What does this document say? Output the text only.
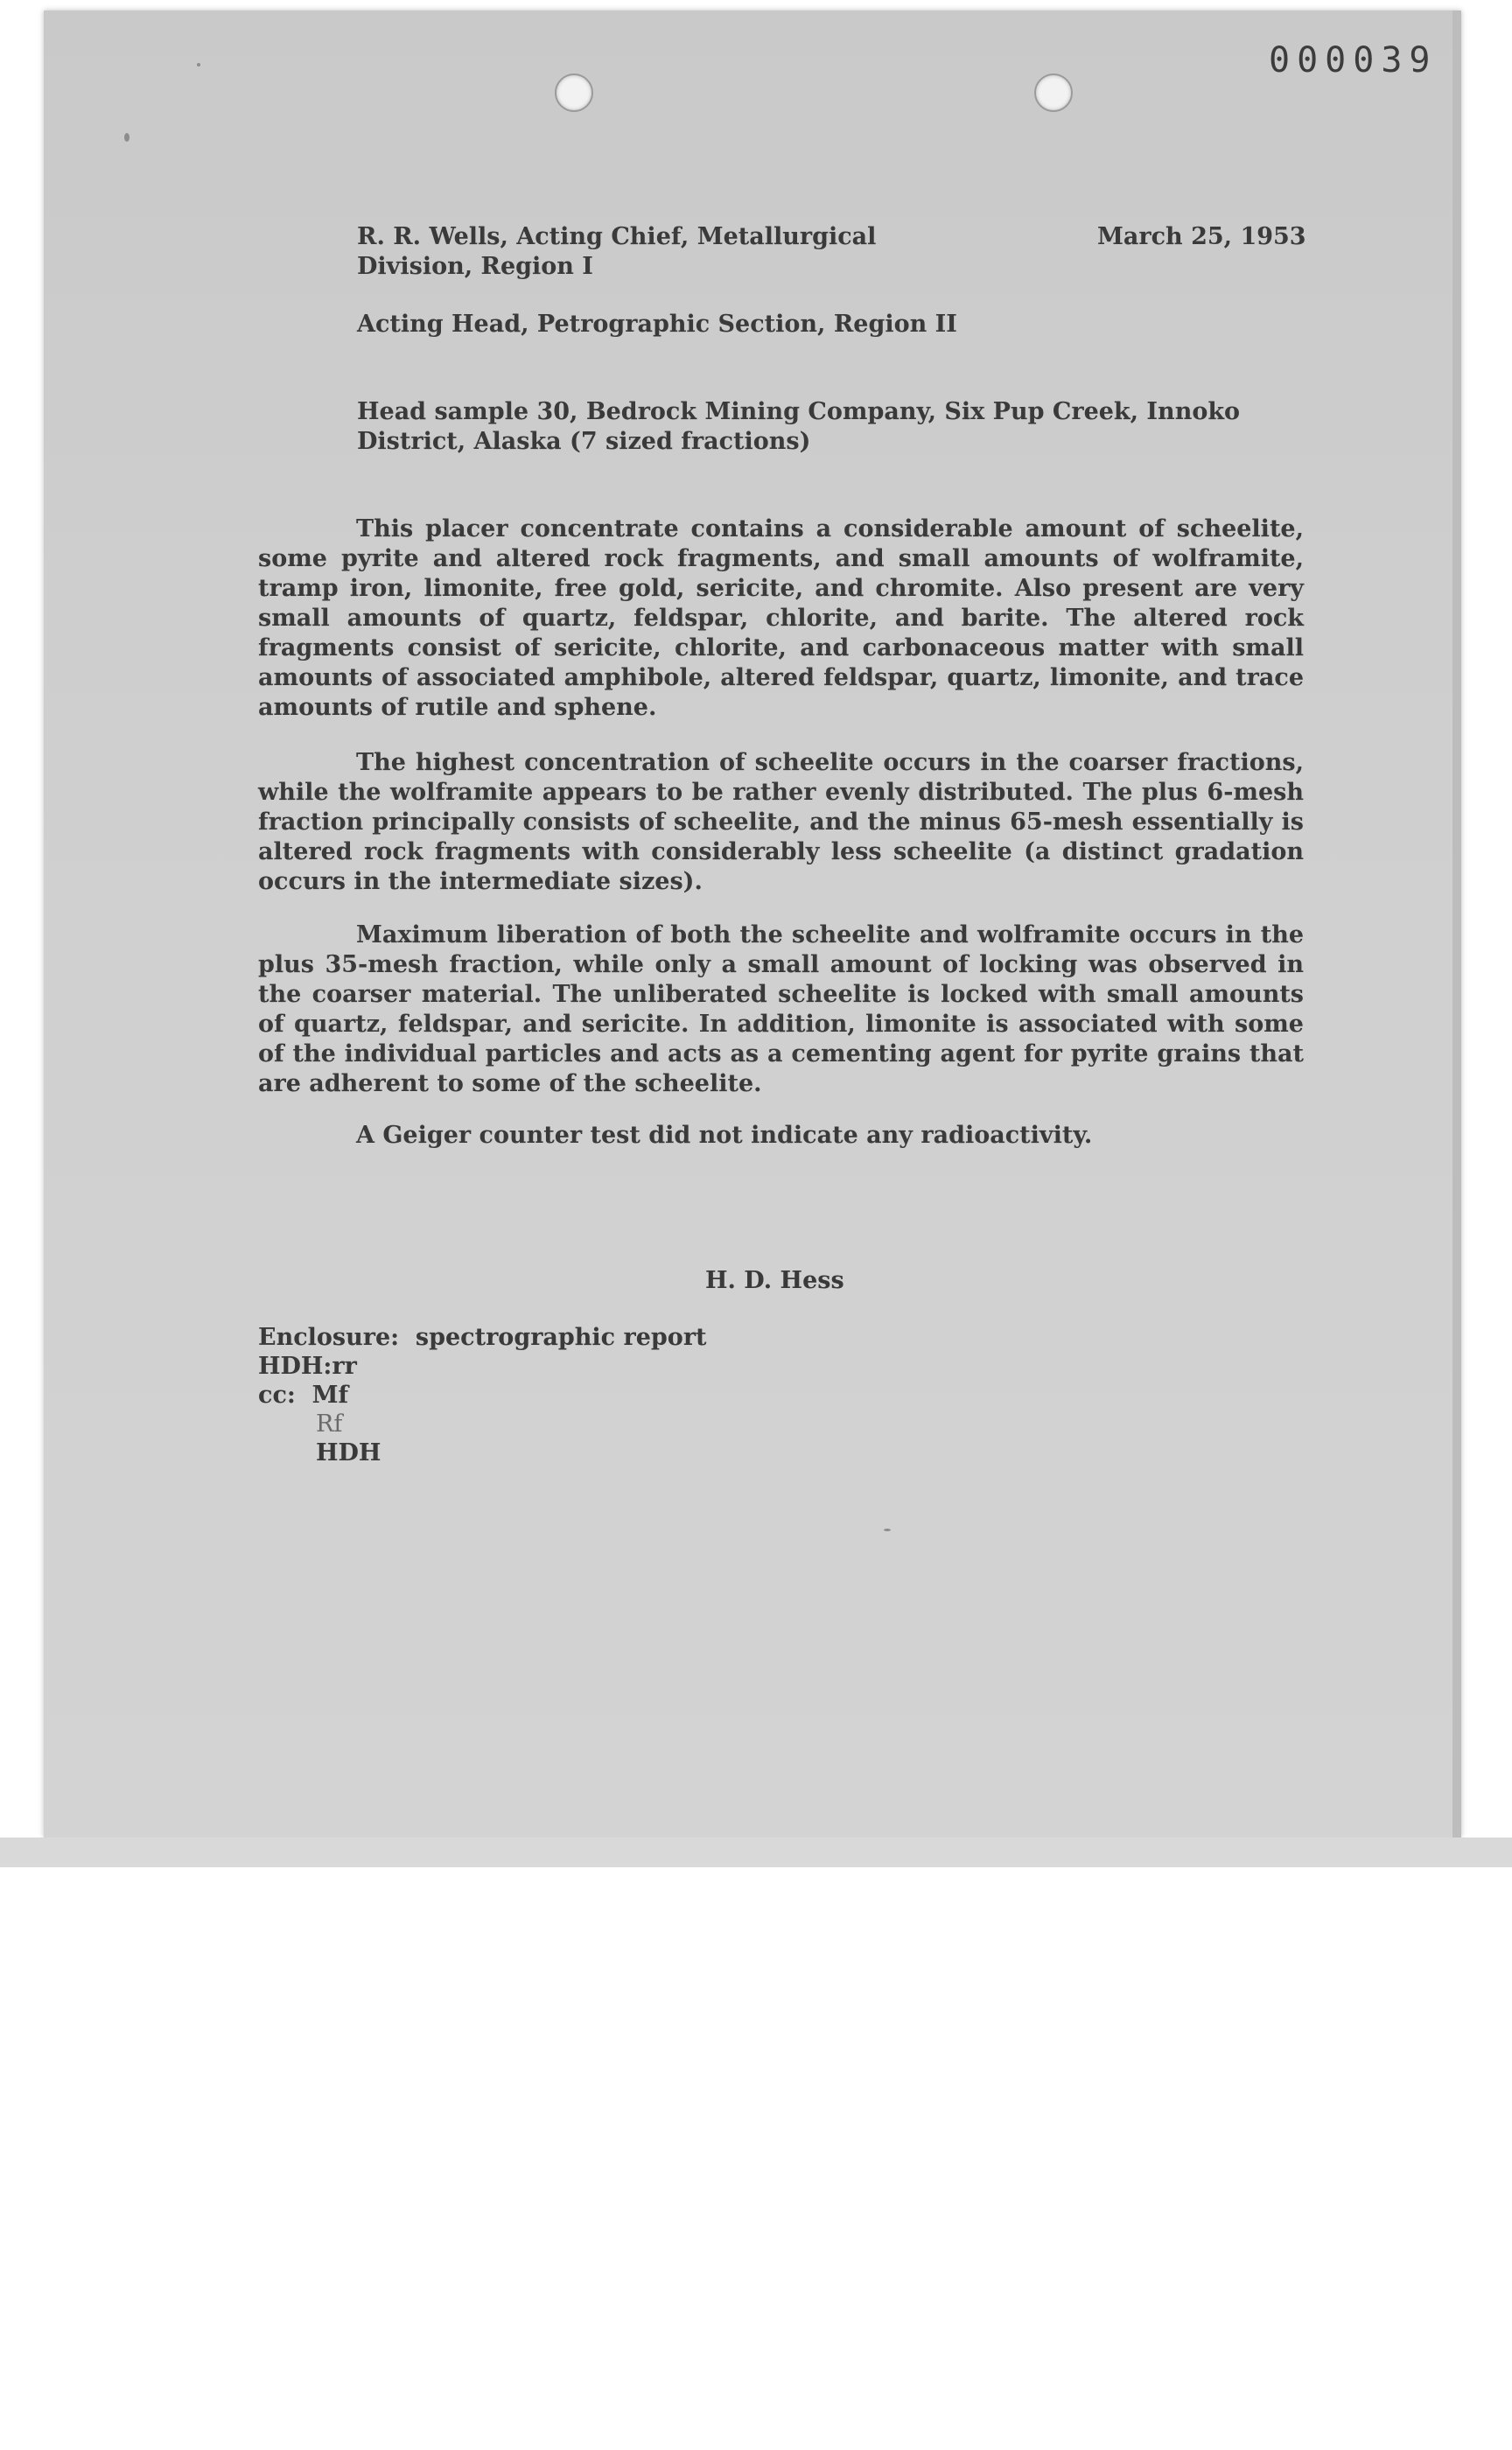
000039
R. R. Wells, Acting Chief, Metallurgical
Division, Region I
March 25, 1953
Acting Head, Petrographic Section, Region II
Head sample 30, Bedrock Mining Company, Six Pup Creek, Innoko
District, Alaska (7 sized fractions)

This placer concentrate contains a considerable amount of scheelite, some pyrite and altered rock fragments, and small amounts of wolframite, tramp iron, limonite, free gold, sericite, and chromite. Also present are very small amounts of quartz, feldspar, chlorite, and barite. The altered rock fragments consist of sericite, chlorite, and carbonaceous matter with small amounts of associated amphibole, altered feldspar, quartz, limonite, and trace amounts of rutile and sphene.

The highest concentration of scheelite occurs in the coarser fractions, while the wolframite appears to be rather evenly distributed. The plus 6-mesh fraction principally consists of scheelite, and the minus 65-mesh essentially is altered rock fragments with considerably less scheelite (a distinct gradation occurs in the intermediate sizes).

Maximum liberation of both the scheelite and wolframite occurs in the plus 35-mesh fraction, while only a small amount of locking was observed in the coarser material. The unliberated scheelite is locked with small amounts of quartz, feldspar, and sericite. In addition, limonite is associated with some of the individual particles and acts as a cementing agent for pyrite grains that are adherent to some of the scheelite.

A Geiger counter test did not indicate any radioactivity.

H. D. Hess
Enclosure:  spectrographic report
HDH:rr
cc:  Mf
Rf
HDH
